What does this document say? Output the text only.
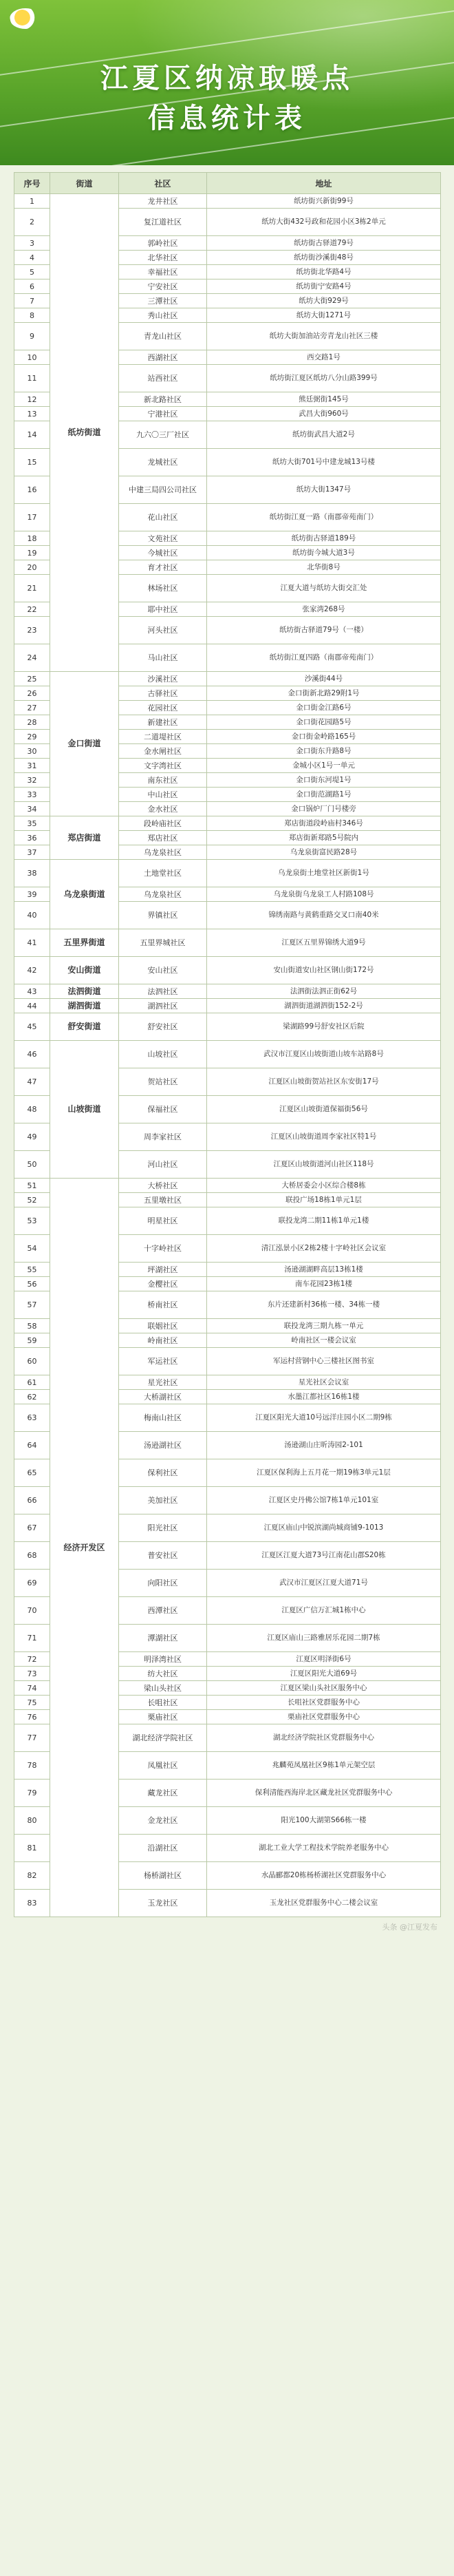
江夏区纳凉取暖点
信息统计表
序号	街道	社区	地址
1	纸坊街道	龙井社区	纸坊街兴新街99号
2		复江道社区	纸坊大街432号政和花园小区3栋2单元
3		郭岭社区	纸坊街古驿道79号
4		北华社区	纸坊街沙溪街48号
5		幸福社区	纸坊街北华路4号
6		宁安社区	纸坊街宁安路4号
7		三潭社区	纸坊大街929号
8		秀山社区	纸坊大街1271号
9		青龙山社区	纸坊大街加油站旁青龙山社区三楼
10		西湖社区	西交路1号
11		站西社区	纸坊街江夏区纸坊八分山路399号
12		新北路社区	熊廷弼街145号
13		宁港社区	武昌大街960号
14		九六〇三厂社区	纸坊街武昌大道2号
15		龙城社区	纸坊大街701号中建龙城13号楼
16		中建三局四公司社区	纸坊大街1347号
17		花山社区	纸坊街江夏一路（南郡帝苑南门）
18		文苑社区	纸坊街古驿道189号
19		今城社区	纸坊街今城大道3号
20		育才社区	北华街8号
21		林场社区	江夏大道与纸坊大街交汇处
22		耶中社区	张家湾268号
23		河头社区	纸坊街古驿道79号（一楼）
24		马山社区	纸坊街江夏四路（南郡帝苑南门）
25	金口街道	沙溪社区	沙溪街44号
26		古驿社区	金口街新北路29附1号
27		花园社区	金口街金江路6号
28		新建社区	金口街花园路5号
29		二道堤社区	金口街金岭路165号
30		金水闸社区	金口街东升路8号
31		文字湾社区	金城小区1号一单元
32		南东社区	金口街东河堤1号
33		中山社区	金口街范湖路1号
34		金水社区	金口锅炉厂门号楼旁
35	郑店街道	段岭庙社区	郑店街道段岭庙村346号
36		郑店社区	郑店街新郑路5号院内
37		乌龙泉社区	乌龙泉街富民路28号
38	乌龙泉街道	土地堂社区	乌龙泉街土地堂社区新街1号
39		乌龙泉社区	乌龙泉街乌龙泉工人村路108号
40		界镇社区	锦绣南路与黄鹤重路交叉口南40米
41	五里界街道	五里界城社区	江夏区五里界锦绣大道9号
42	安山街道	安山社区	安山街道安山社区钢山街172号
43	法泗街道	法泗社区	法泗街法泗正街62号
44	湖泗街道	湖泗社区	湖泗街道湖泗街152-2号
45	舒安街道	舒安社区	梁湖路99号舒安社区后院
46	山坡街道	山坡社区	武汉市江夏区山坡街道山坡车站路8号
47		贺站社区	江夏区山坡街贺站社区东安街17号
48		保福社区	江夏区山坡街道保福街56号
49		周李家社区	江夏区山坡街道周李家社区特1号
50		河山社区	江夏区山坡街道河山社区118号
51	经济开发区	大桥社区	大桥居委会小区综合楼8栋
52		五里墩社区	联投广场18栋1单元1层
53		明星社区	联投龙湾二期11栋1单元1楼
54		十字岭社区	清江泓景小区2栋2楼十字岭社区会议室
55		坪湖社区	汤逊湖湖畔高层13栋1楼
56		金樱社区	南车花园23栋1楼
57		桥南社区	东片还建新村36栋一楼、34栋一楼
58		联姻社区	联投龙湾三期九栋一单元
59		岭南社区	岭南社区一楼会议室
60		军运社区	军运村营钢中心三楼社区图书室
61		星光社区	星光社区会议室
62		大桥湖社区	水墨江都社区16栋1楼
63		梅南山社区	江夏区阳光大道10号远洋庄园小区二期9栋
64		汤逊湖社区	汤逊湖山庄昕涛园2-101
65		保利社区	江夏区保利海上五月花一期19栋3单元1层
66		美加社区	江夏区史丹佛公馆7栋1单元101室
67		阳光社区	江夏区庙山中锐滨湖尚城商铺9-1013
68		普安社区	江夏区江夏大道73号江南花山郡S20栋
69		向阳社区	武汉市江夏区江夏大道71号
70		西潭社区	江夏区广信万汇城1栋中心
71		潭湖社区	江夏区庙山三路雅居乐花园二期7栋
72		明泽湾社区	江夏区明泽街6号
73		纺大社区	江夏区阳光大道69号
74		梁山头社区	江夏区梁山头社区服务中心
75		长咀社区	长咀社区党群服务中心
76		栗庙社区	栗庙社区党群服务中心
77		湖北经济学院社区	湖北经济学院社区党群服务中心
78		凤凰社区	兆麟苑凤凰社区9栋1单元架空层
79		藏龙社区	保利清能西海岸北区藏龙社区党群服务中心
80		金龙社区	阳光100大湖第S66栋一楼
81		沿湖社区	湖北工业大学工程技术学院养老服务中心
82		杨桥湖社区	水晶郦都20栋杨桥湖社区党群服务中心
83		玉龙社区	玉龙社区党群服务中心二楼会议室
头条 @江夏发布
